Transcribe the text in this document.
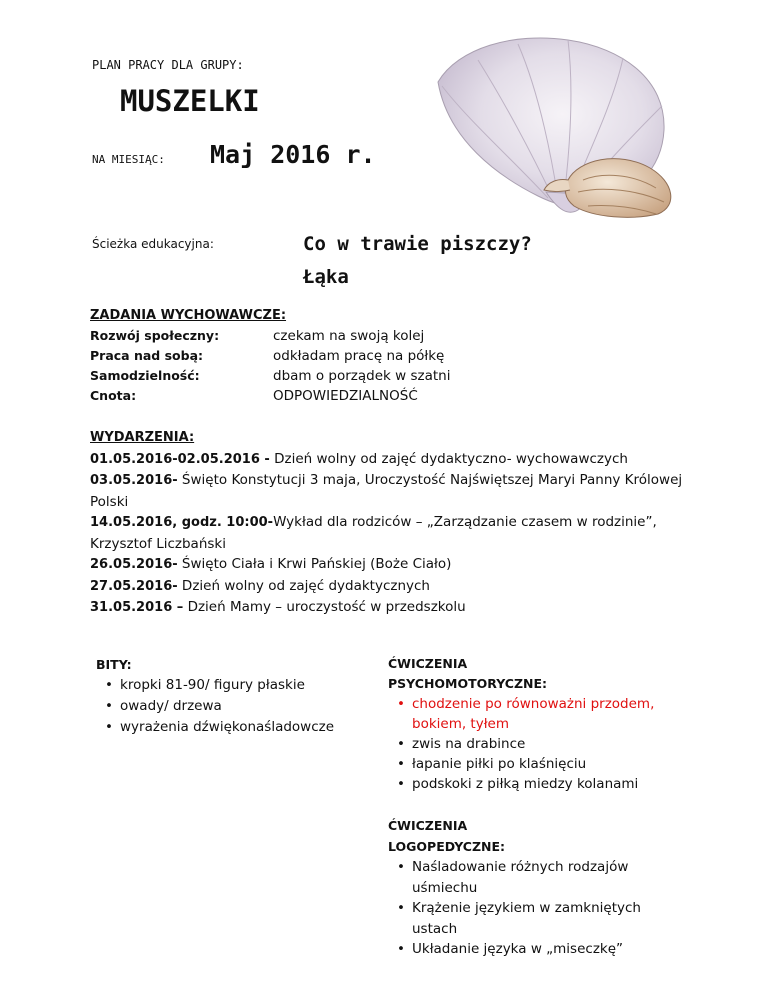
PLAN PRACY DLA GRUPY:
MUSZELKI
NA MIESIĄC: Maj 2016 r.
Ścieżka edukacyjna:	Co w trawie piszczy?
Łąka
ZADANIA WYCHOWAWCZE:
Rozwój społeczny:	czekam na swoją kolej
Praca nad sobą:	odkładam pracę na półkę
Samodzielność:	dbam o porządek w szatni
Cnota:	ODPOWIEDZIALNOŚĆ
WYDARZENIA:
01.05.2016-02.05.2016 - Dzień wolny od zajęć dydaktyczno- wychowawczych
03.05.2016- Święto Konstytucji 3 maja, Uroczystość Najświętszej Maryi Panny Królowej Polski
14.05.2016, godz. 10:00-Wykład dla rodziców – „Zarządzanie czasem w rodzinie”, Krzysztof Liczbański
26.05.2016- Święto Ciała i Krwi Pańskiej (Boże Ciało)
27.05.2016- Dzień wolny od zajęć dydaktycznych
31.05.2016 – Dzień Mamy – uroczystość w przedszkolu
BITY:
• kropki 81-90/ figury płaskie
• owady/ drzewa
• wyrażenia dźwiękonaśladowcze
ĆWICZENIA
PSYCHOMOTORYCZNE:
• chodzenie po równoważni przodem, bokiem, tyłem
• zwis na drabince
• łapanie piłki po klaśnięciu
• podskoki z piłką miedzy kolanami
ĆWICZENIA
LOGOPEDYCZNE:
• Naśladowanie różnych rodzajów uśmiechu
• Krążenie językiem w zamkniętych ustach
• Układanie języka w „miseczkę”
